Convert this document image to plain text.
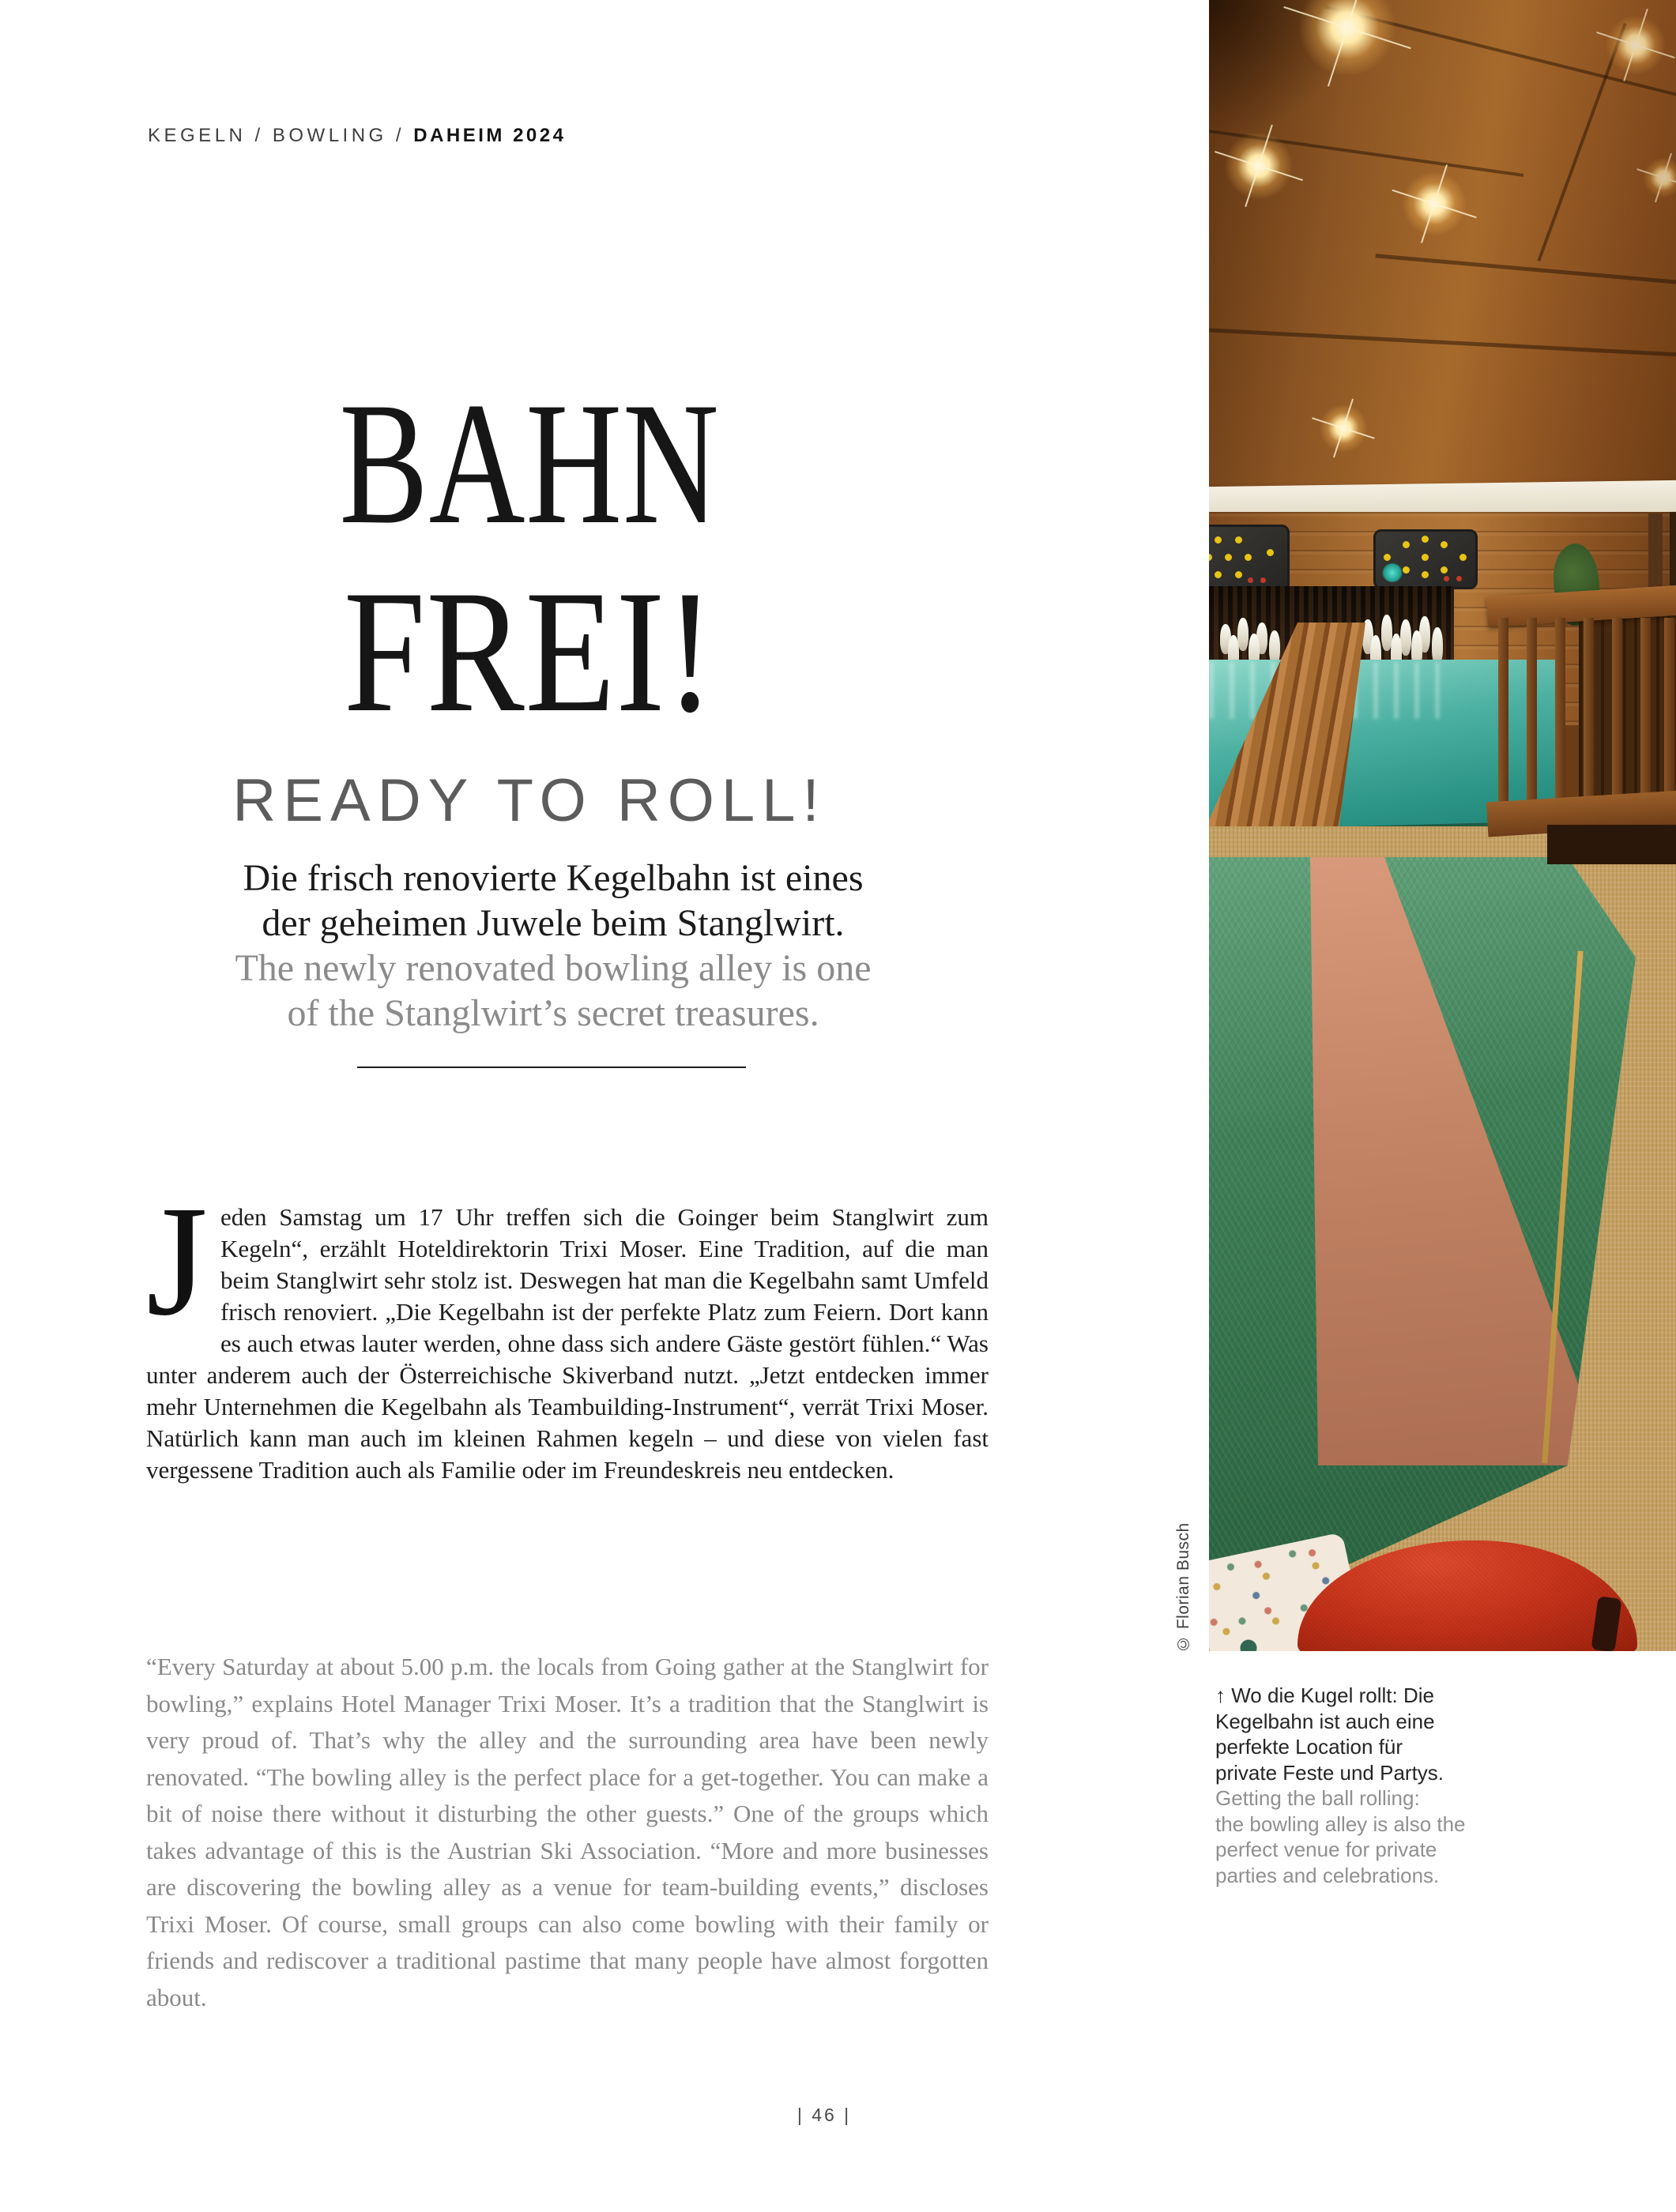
KEGELN / BOWLING / DAHEIM 2024
BAHN
FREI!
READY TO ROLL!
Die frisch renovierte Kegelbahn ist eines
der geheimen Juwele beim Stanglwirt.
The newly renovated bowling alley is one
of the Stanglwirt’s secret treasures.

Jeden Samstag um 17 Uhr treffen sich die Goinger beim Stanglwirt zum Kegeln“, erzählt Hoteldirektorin Trixi Moser. Eine Tradition, auf die man beim Stanglwirt sehr stolz ist. Deswegen hat man die Kegelbahn samt Umfeld frisch renoviert. „Die Kegelbahn ist der perfekte Platz zum Feiern. Dort kann es auch etwas lauter werden, ohne dass sich andere Gäste gestört fühlen.“ Was unter anderem auch der Österreichische Skiverband nutzt. „Jetzt entdecken immer mehr Unternehmen die Kegelbahn als Teambuilding-Instrument“, verrät Trixi Moser. Natürlich kann man auch im kleinen Rahmen kegeln – und diese von vielen fast vergessene Tradition auch als Familie oder im Freundeskreis neu entdecken.

“Every Saturday at about 5.00 p.m. the locals from Going gather at the Stanglwirt for bowling,” explains Hotel Manager Trixi Moser. It’s a tradition that the Stanglwirt is very proud of. That’s why the alley and the surrounding area have been newly renovated. “The bowling alley is the perfect place for a get-together. You can make a bit of noise there without it disturbing the other guests.” One of the groups which takes advantage of this is the Austrian Ski Association. “More and more businesses are discovering the bowling alley as a venue for team-building events,” discloses Trixi Moser. Of course, small groups can also come bowling with their family or friends and rediscover a traditional pastime that many people have almost forgotten about.

© Florian Busch
↑ Wo die Kugel rollt: Die
Kegelbahn ist auch eine
perfekte Location für
private Feste und Partys.
Getting the ball rolling:
the bowling alley is also the
perfect venue for private
parties and celebrations.
| 46 |
